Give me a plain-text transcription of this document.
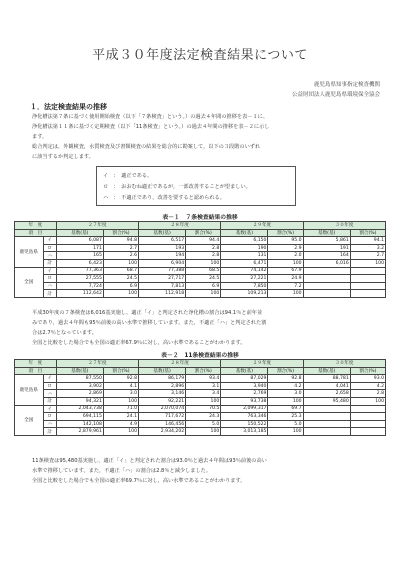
平成３０年度法定検査結果について
鹿児島県知事指定検査機関
公益財団法人鹿児島県環境保全協会
１．法定検査結果の推移
浄化槽法第７条に基づく使用開始検査（以下「７条検査」という。）の過去４年間の推移を表－１に、
浄化槽法第１１条に基づく定期検査（以下「11条検査」という。）の過去４年間の推移を表－２に示し
ます。
総合判定は，外観検査，水質検査及び書類検査の結果を総合的に勘案して，以下の３段階のいずれ
に該当するか判定します。
イ　：　適正である。
ロ　：　おおむね適正であるが，一部改善することが望ましい。
ハ　：　不適正であり，改善を要すると認められる。
表－１　７条検査結果の推移
年　度		２７年度		２８年度		２９年度		３０年度	
項　目		基数(基)	割合(%)	基数(基)	割合(%)	基数(基)	割合(%)	基数(基)	割合(%)
鹿児島県	イ	6,087	94.8	6,517	94.4	6,150	95.0	5,861	94.1
	ロ	171	2.7	193	2.8	190	2.9	191	3.2
	ハ	165	2.6	194	2.8	131	2.0	164	2.7
	計	6,423	100	6,904	100	6,471	100	6,016	100
全国	イ	77,363	68.7	77,388	68.5	74,142	67.9		
	ロ	27,555	24.5	27,717	24.5	27,221	24.9		
	ハ	7,724	6.9	7,813	6.9	7,850	7.2		
	計	112,642	100	112,918	100	109,213	100		
平成30年度の７条検査は6,016基実施し，適正「イ」と判定された浄化槽の割合は94.1％と前年並
みであり，過去４年間も95％前後の高い水準で推移しています。また，不適正「ハ」と判定された割
合は2.7％となっています。
全国と比較をした場合でも全国の適正率67.9％に対し，高い水準であることがわかります。
表－２　11条検査結果の推移
年　度		２７年度		２８年度		２９年度		３０年度	
項　目		基数(基)	割合(%)	基数(基)	割合(%)	基数(基)	割合(%)	基数(基)	割合(%)
鹿児島県	イ	87,550	92.8	86,179	93.4	87,029	92.8	88,781	93.0
	ロ	3,902	4.1	2,896	3.1	3,940	4.2	4,041	4.2
	ハ	2,869	3.0	3,146	3.4	2,769	3.0	2,658	2.8
	計	94,321	100	92,221	100	93,738	100	95,480	100
全国	イ	2,043,738	71.0	2,070,074	70.5	2,099,317	69.7		
	ロ	694,115	24.1	717,672	24.3	763,346	25.3		
	ハ	142,108	4.9	146,456	5.0	150,522	5.0		
	計	2,879,961	100	2,934,202	100	3,013,185	100		
11条検査は95,480基実施し，適正「イ」と判定された割合は93.0％と過去４年間は93％前後の高い
水準で推移しています。また，不適正「ハ」の割合は2.8％と減少しました。
全国と比較をした場合でも全国の適正率69.7％に対し，高い水準であることがわかります。
